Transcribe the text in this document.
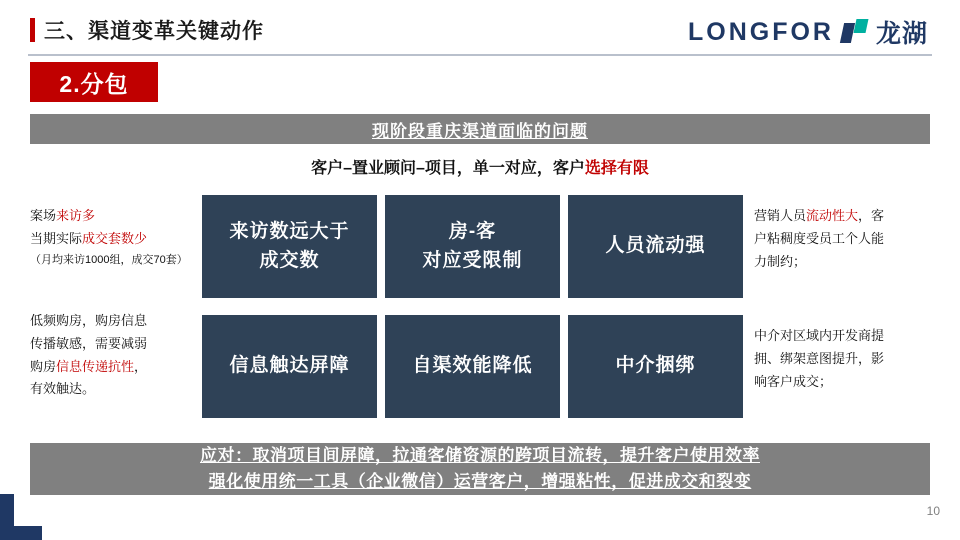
三、渠道变革关键动作	LONGFOR 龙湖
2.分包
现阶段重庆渠道面临的问题
客户–置业顾问–项目，单一对应，客户选择有限
案场来访多
当期实际成交套数少
（月均来访1000组，成交70套）
低频购房，购房信息
传播敏感，需要减弱
购房信息传递抗性，
有效触达。
营销人员流动性大，客
户粘稠度受员工个人能
力制约；
中介对区域内开发商提
拥、绑架意图提升，影
响客户成交；
来访数远大于
成交数
房-客
对应受限制
人员流动强
信息触达屏障	自渠效能降低	中介捆绑
应对：取消项目间屏障，拉通客储资源的跨项目流转，提升客户使用效率
强化使用统一工具（企业微信）运营客户，增强粘性，促进成交和裂变
10
